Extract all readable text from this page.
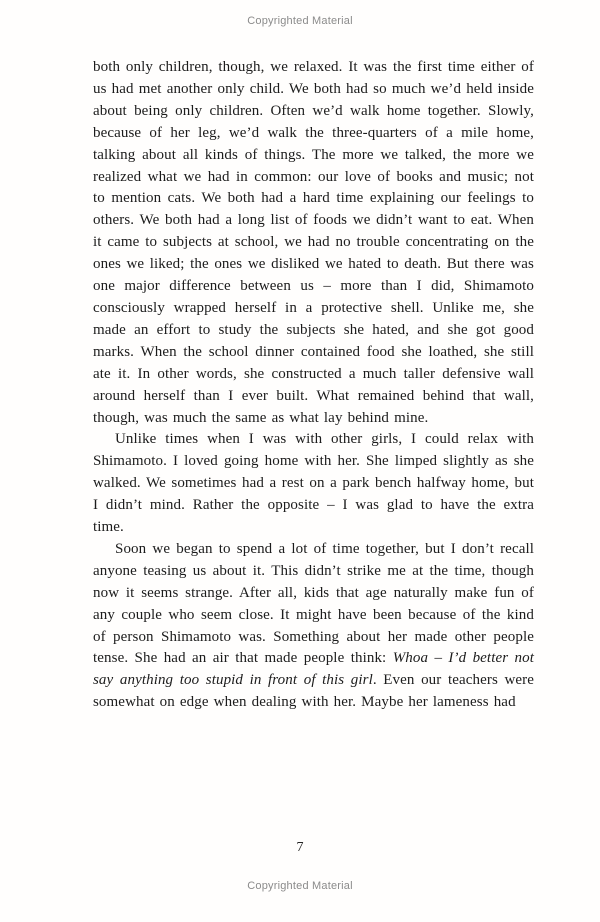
Copyrighted Material

both only children, though, we relaxed. It was the first time either of us had met another only child. We both had so much we’d held inside about being only children. Often we’d walk home together. Slowly, because of her leg, we’d walk the three-quarters of a mile home, talking about all kinds of things. The more we talked, the more we realized what we had in common: our love of books and music; not to mention cats. We both had a hard time explaining our feelings to others. We both had a long list of foods we didn’t want to eat. When it came to subjects at school, we had no trouble concentrating on the ones we liked; the ones we disliked we hated to death. But there was one major difference between us – more than I did, Shimamoto consciously wrapped herself in a protective shell. Unlike me, she made an effort to study the subjects she hated, and she got good marks. When the school dinner contained food she loathed, she still ate it. In other words, she constructed a much taller defensive wall around herself than I ever built. What remained behind that wall, though, was much the same as what lay behind mine.

Unlike times when I was with other girls, I could relax with Shimamoto. I loved going home with her. She limped slightly as she walked. We sometimes had a rest on a park bench halfway home, but I didn’t mind. Rather the opposite – I was glad to have the extra time.

Soon we began to spend a lot of time together, but I don’t recall anyone teasing us about it. This didn’t strike me at the time, though now it seems strange. After all, kids that age naturally make fun of any couple who seem close. It might have been because of the kind of person Shimamoto was. Something about her made other people tense. She had an air that made people think: Whoa – I’d better not say anything too stupid in front of this girl. Even our teachers were somewhat on edge when dealing with her. Maybe her lameness had

7
Copyrighted Material
